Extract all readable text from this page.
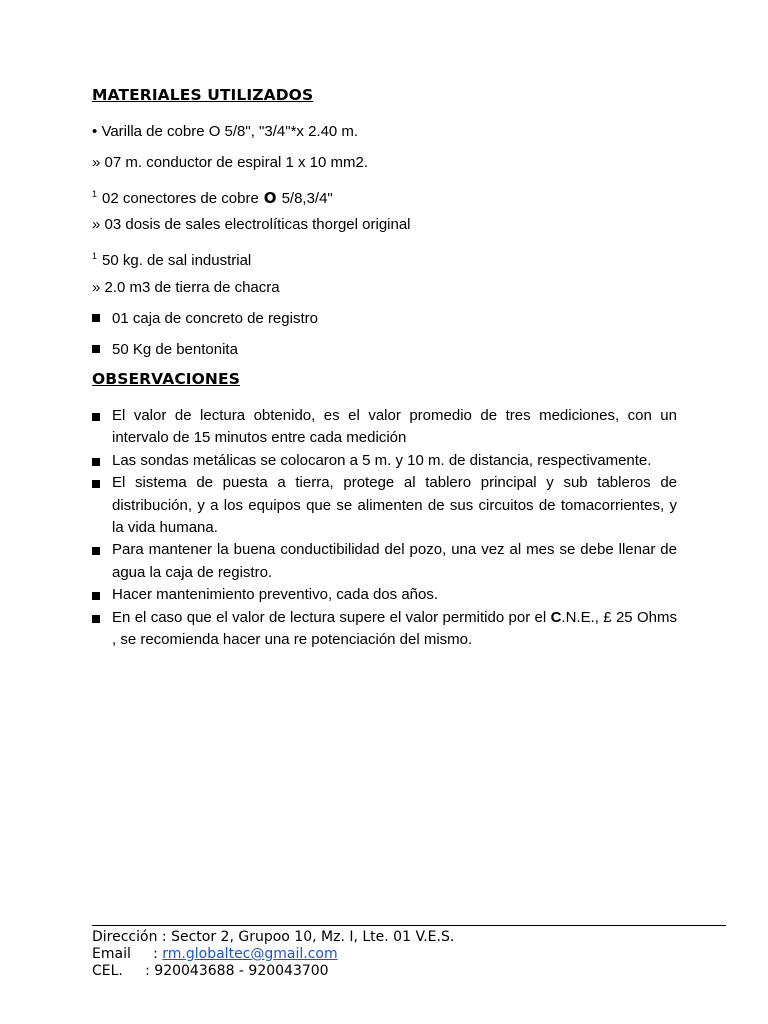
MATERIALES UTILIZADOS
• Varilla de cobre O 5/8", "3/4"*x 2.40 m.
» 07 m. conductor de espiral 1 x 10 mm2.
$^1$ 02 conectores de cobre O 5/8,3/4"
» 03 dosis de sales electrolíticas thorgel original
$^1$ 50 kg. de sal industrial
» 2.0 m3 de tierra de chacra
01 caja de concreto de registro
50 Kg de bentonita
OBSERVACIONES
El valor de lectura obtenido, es el valor promedio de tres mediciones, con un intervalo de 15 minutos entre cada medición
Las sondas metálicas se colocaron a 5 m. y 10 m. de distancia, respectivamente.
El sistema de puesta a tierra, protege al tablero principal y sub tableros de distribución, y a los equipos que se alimenten de sus circuitos de tomacorrientes, y la vida humana.
Para mantener la buena conductibilidad del pozo, una vez al mes se debe llenar de agua la caja de registro.
Hacer mantenimiento preventivo, cada dos años.
En el caso que el valor de lectura supere el valor permitido por el C.N.E., £ 25 Ohms , se recomienda hacer una re potenciación del mismo.
Dirección : Sector 2, Grupoo 10, Mz. I, Lte. 01 V.E.S.
Email : rm.globaltec@gmail.com
CEL. : 920043688 - 920043700
